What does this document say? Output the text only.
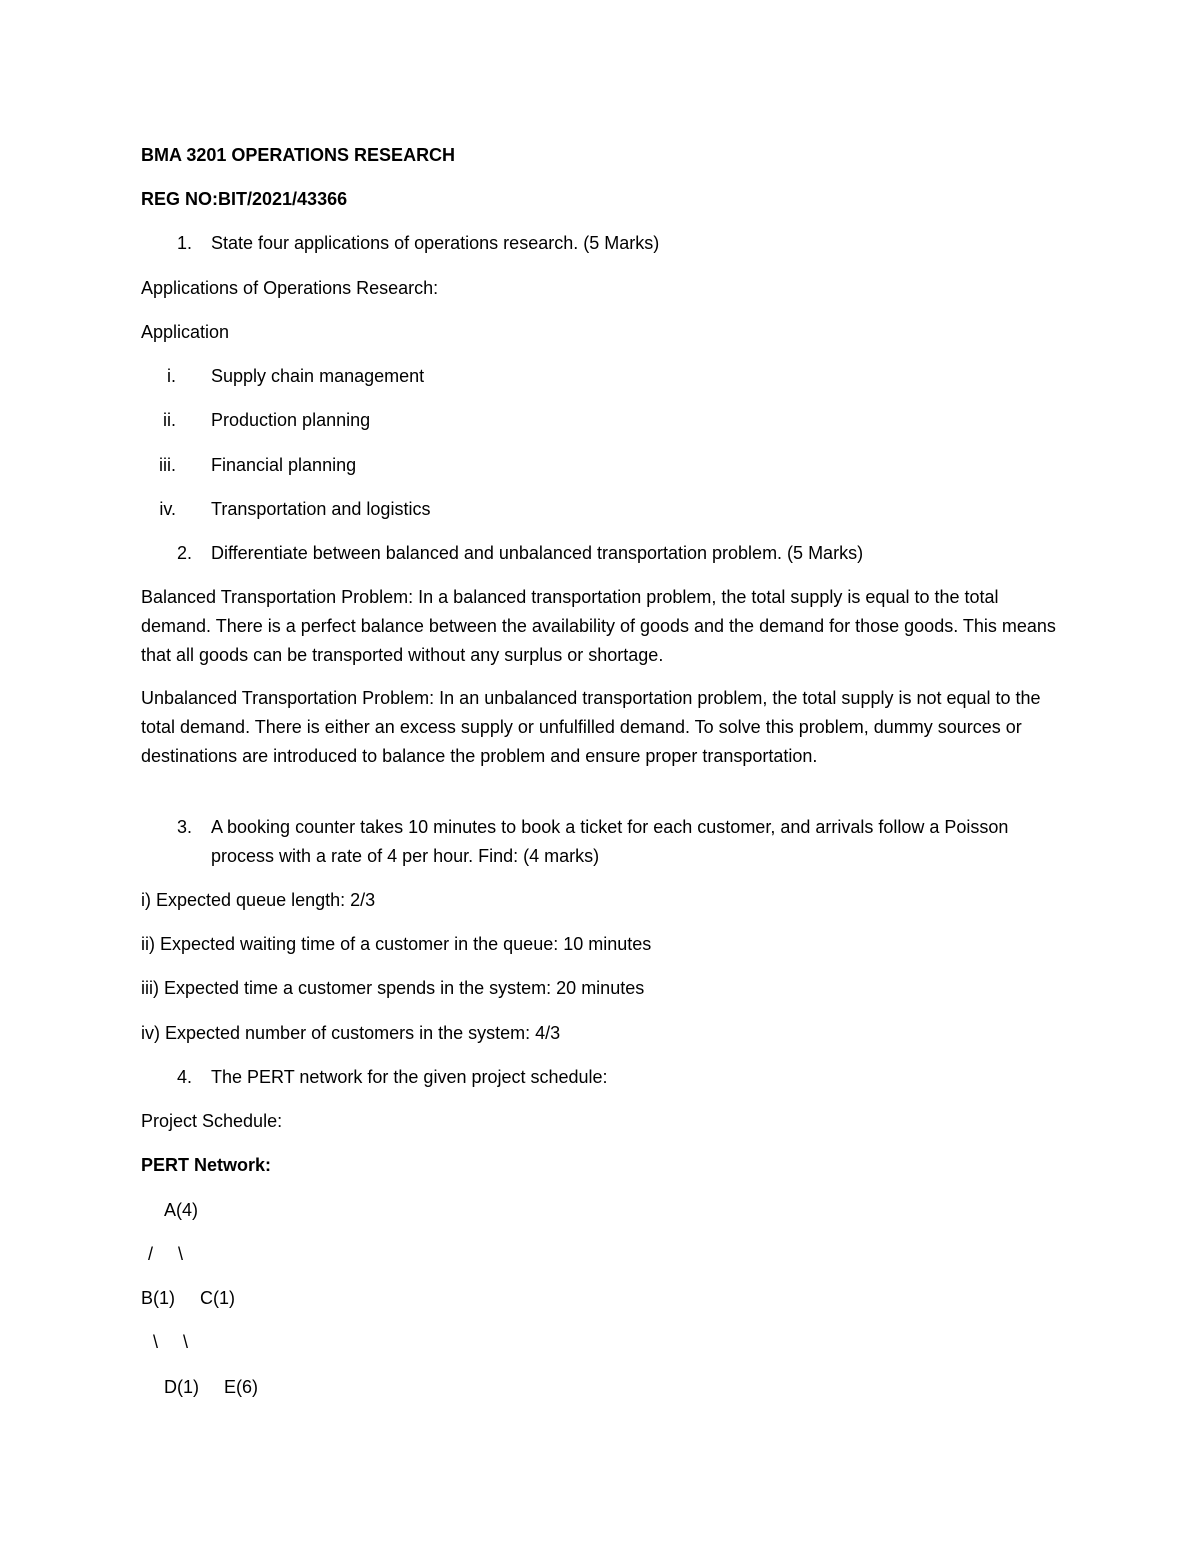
BMA 3201 OPERATIONS RESEARCH
REG NO:BIT/2021/43366
1. State four applications of operations research. (5 Marks)
Applications of Operations Research:
Application
i. Supply chain management
ii. Production planning
iii. Financial planning
iv. Transportation and logistics
2. Differentiate between balanced and unbalanced transportation problem. (5 Marks)
Balanced Transportation Problem: In a balanced transportation problem, the total supply is equal to the total demand. There is a perfect balance between the availability of goods and the demand for those goods. This means that all goods can be transported without any surplus or shortage.
Unbalanced Transportation Problem: In an unbalanced transportation problem, the total supply is not equal to the total demand. There is either an excess supply or unfulfilled demand. To solve this problem, dummy sources or destinations are introduced to balance the problem and ensure proper transportation.
3. A booking counter takes 10 minutes to book a ticket for each customer, and arrivals follow a Poisson process with a rate of 4 per hour. Find: (4 marks)
i) Expected queue length: 2/3
ii) Expected waiting time of a customer in the queue: 10 minutes
iii) Expected time a customer spends in the system: 20 minutes
iv) Expected number of customers in the system: 4/3
4. The PERT network for the given project schedule:
Project Schedule:
PERT Network:
A(4)
/     \
B(1)     C(1)
\     \
D(1)     E(6)
